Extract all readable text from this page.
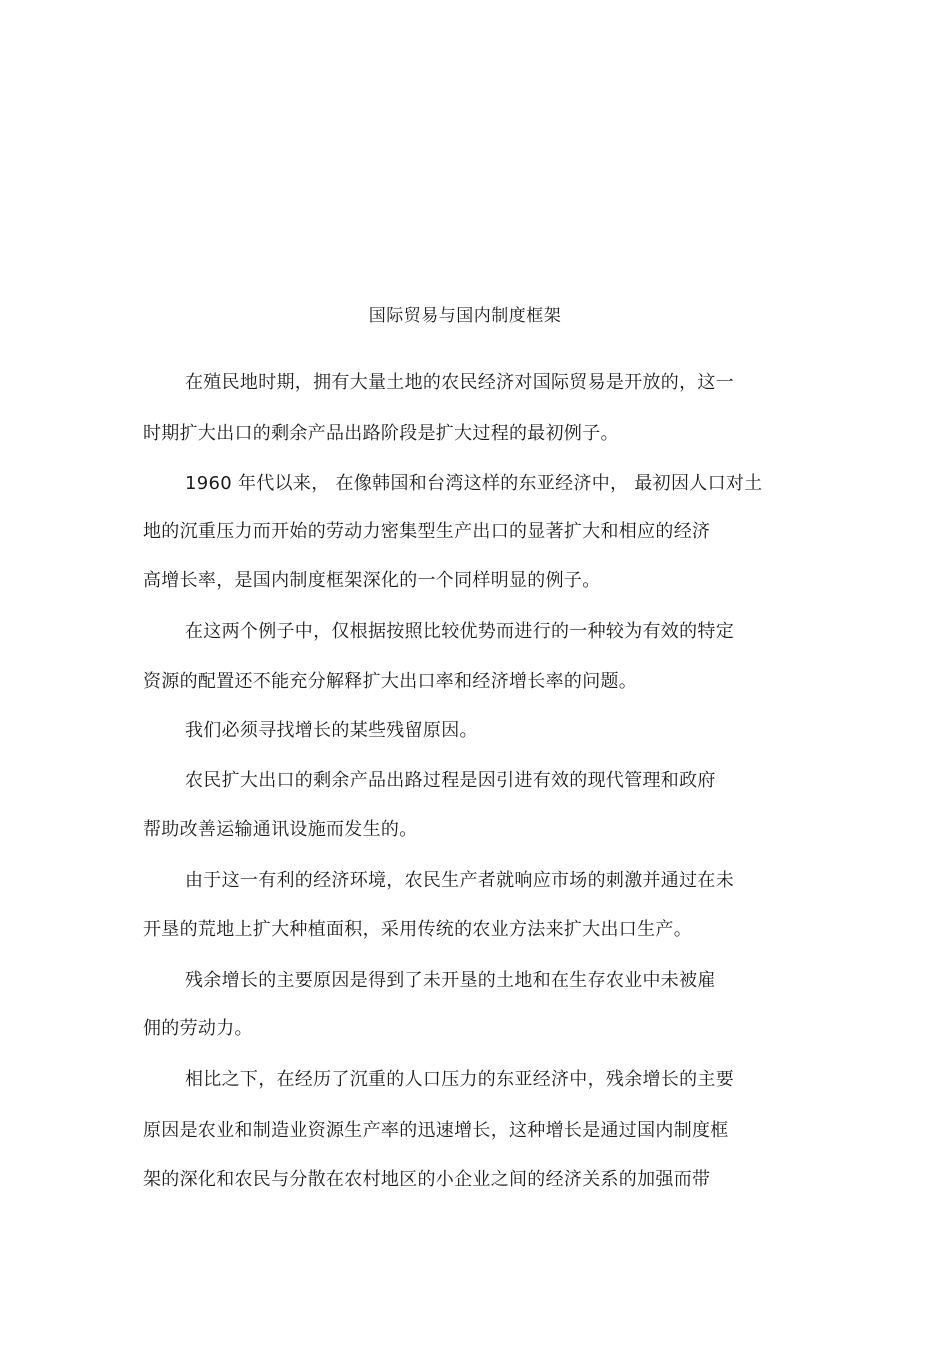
国际贸易与国内制度框架
在殖民地时期，拥有大量土地的农民经济对国际贸易是开放的，这一
时期扩大出口的剩余产品出路阶段是扩大过程的最初例子。
1960 年代以来， 在像韩国和台湾这样的东亚经济中， 最初因人口对土
地的沉重压力而开始的劳动力密集型生产出口的显著扩大和相应的经济
高增长率，是国内制度框架深化的一个同样明显的例子。
在这两个例子中，仅根据按照比较优势而进行的一种较为有效的特定
资源的配置还不能充分解释扩大出口率和经济增长率的问题。
我们必须寻找增长的某些残留原因。
农民扩大出口的剩余产品出路过程是因引进有效的现代管理和政府
帮助改善运输通讯设施而发生的。
由于这一有利的经济环境，农民生产者就响应市场的刺激并通过在未
开垦的荒地上扩大种植面积，采用传统的农业方法来扩大出口生产。
残余增长的主要原因是得到了未开垦的土地和在生存农业中未被雇
佣的劳动力。
相比之下，在经历了沉重的人口压力的东亚经济中，残余增长的主要
原因是农业和制造业资源生产率的迅速增长，这种增长是通过国内制度框
架的深化和农民与分散在农村地区的小企业之间的经济关系的加强而带
